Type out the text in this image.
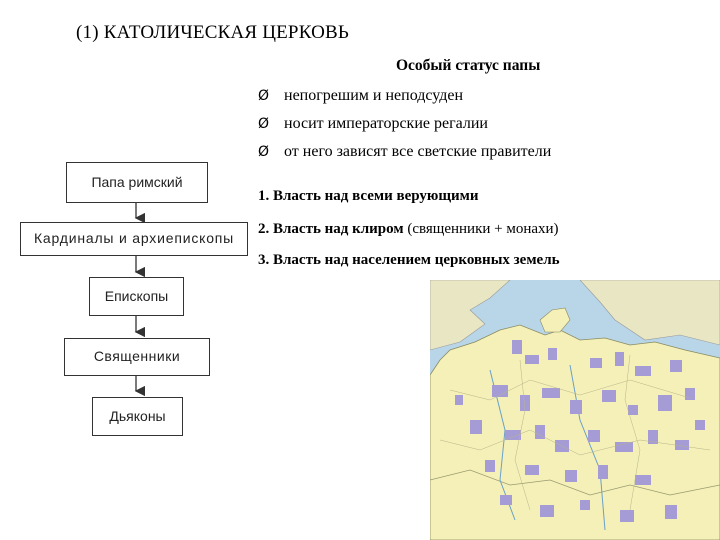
(1) КАТОЛИЧЕСКАЯ ЦЕРКОВЬ
Особый статус папы
Ø непогрешим и неподсуден
Ø носит императорские регалии
Ø от него зависят все светские правители
1. Власть над всеми верующими
2. Власть над клиром (священники + монахи)
3. Власть над населением церковных земель
Папа римский
Кардиналы и архиепископы
Епископы
Священники
Дьяконы
